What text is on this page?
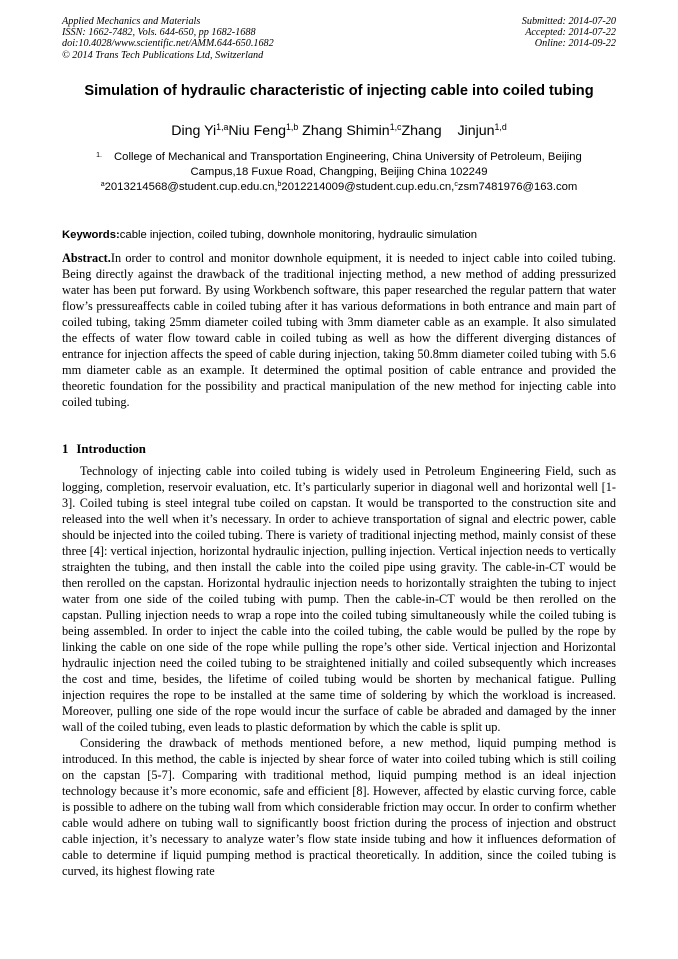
Applied Mechanics and Materials
ISSN: 1662-7482, Vols. 644-650, pp 1682-1688
doi:10.4028/www.scientific.net/AMM.644-650.1682
© 2014 Trans Tech Publications Ltd, Switzerland
Submitted: 2014-07-20
Accepted: 2014-07-22
Online: 2014-09-22
Simulation of hydraulic characteristic of injecting cable into coiled tubing
Ding Yi$^{1,a}$Niu Feng$^{1,b}$ Zhang Shimin$^{1,c}$Zhang    Jinjun$^{1,d}$
1. College of Mechanical and Transportation Engineering, China University of Petroleum, Beijing
Campus,18 Fuxue Road, Changping, Beijing China 102249
$^a$2013214568@student.cup.edu.cn,$^b$2012214009@student.cup.edu.cn,$^c$zsm7481976@163.com
Keywords:cable injection, coiled tubing, downhole monitoring, hydraulic simulation
Abstract.In order to control and monitor downhole equipment, it is needed to inject cable into coiled tubing. Being directly against the drawback of the traditional injecting method, a new method of adding pressurized water has been put forward. By using Workbench software, this paper researched the regular pattern that water flow’s pressureaffects cable in coiled tubing after it has various deformations in both entrance and main part of coiled tubing, taking 25mm diameter coiled tubing with 3mm diameter cable as an example. It also simulated the effects of water flow toward cable in coiled tubing as well as how the different diverging distances of entrance for injection affects the speed of cable during injection, taking 50.8mm diameter coiled tubing with 5.6 mm diameter cable as an example. It determined the optimal position of cable entrance and provided the theoretic foundation for the possibility and practical manipulation of the new method for injecting cable into coiled tubing.
1 Introduction

Technology of injecting cable into coiled tubing is widely used in Petroleum Engineering Field, such as logging, completion, reservoir evaluation, etc. It’s particularly superior in diagonal well and horizontal well [1-3]. Coiled tubing is steel integral tube coiled on capstan. It would be transported to the construction site and released into the well when it’s necessary. In order to achieve transportation of signal and electric power, cable should be injected into the coiled tubing. There is variety of traditional injecting method, mainly consist of these three [4]: vertical injection, horizontal hydraulic injection, pulling injection. Vertical injection needs to vertically straighten the tubing, and then install the cable into the coiled pipe using gravity. The cable-in-CT would be then rerolled on the capstan. Horizontal hydraulic injection needs to horizontally straighten the tubing to inject water from one side of the coiled tubing with pump. Then the cable-in-CT would be then rerolled on the capstan. Pulling injection needs to wrap a rope into the coiled tubing simultaneously while the coiled tubing is being assembled. In order to inject the cable into the coiled tubing, the cable would be pulled by the rope by linking the cable on one side of the rope while pulling the rope’s other side. Vertical injection and Horizontal hydraulic injection need the coiled tubing to be straightened initially and coiled subsequently which increases the cost and time, besides, the lifetime of coiled tubing would be shorten by mechanical fatigue. Pulling injection requires the rope to be installed at the same time of soldering by which the workload is increased. Moreover, pulling one side of the rope would incur the surface of cable be abraded and damaged by the inner wall of the coiled tubing, even leads to plastic deformation by which the cable is split up.

Considering the drawback of methods mentioned before, a new method, liquid pumping method is introduced. In this method, the cable is injected by shear force of water into coiled tubing which is still coiling on the capstan [5-7]. Comparing with traditional method, liquid pumping method is an ideal injection technology because it’s more economic, safe and efficient [8]. However, affected by elastic curving force, cable is possible to adhere on the tubing wall from which considerable friction may occur. In order to confirm whether cable would adhere on tubing wall to significantly boost friction during the process of injection and obstruct cable injection, it’s necessary to analyze water’s flow state inside tubing and how it influences deformation of cable to determine if liquid pumping method is practical theoretically. In addition, since the coiled tubing is curved, its highest flowing rate
